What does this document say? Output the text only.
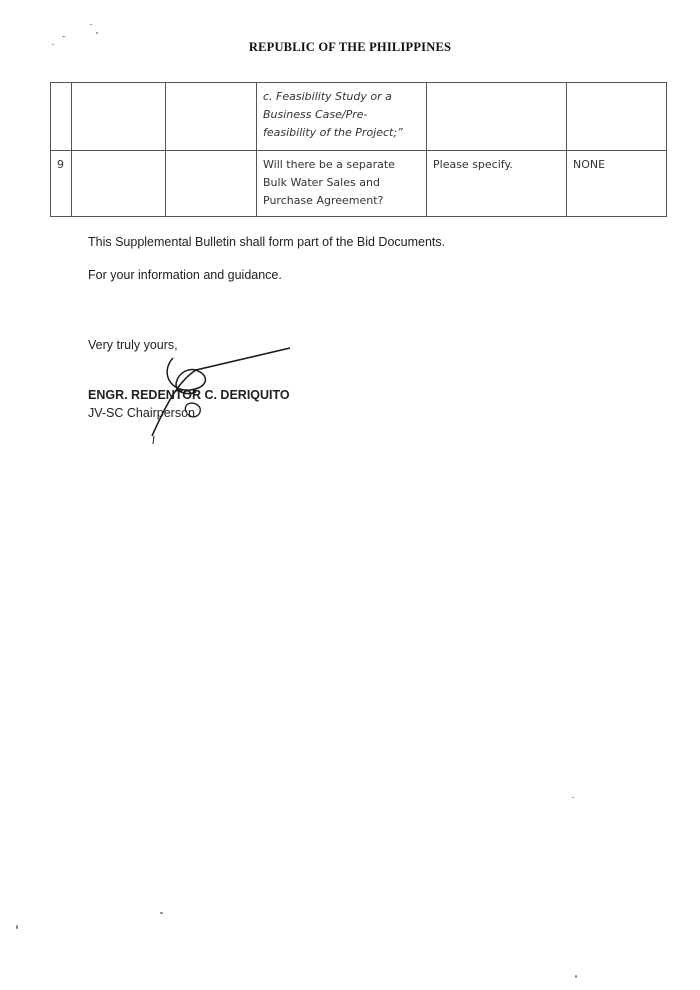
REPUBLIC OF THE PHILIPPINES
			c. Feasibility Study or a Business Case/Pre-feasibility of the Project;”		
9			Will there be a separate Bulk Water Sales and Purchase Agreement?	Please specify.	NONE
This Supplemental Bulletin shall form part of the Bid Documents.
For your information and guidance.
Very truly yours,
ENGR. REDENTOR C. DERIQUITO
JV-SC Chairperson
